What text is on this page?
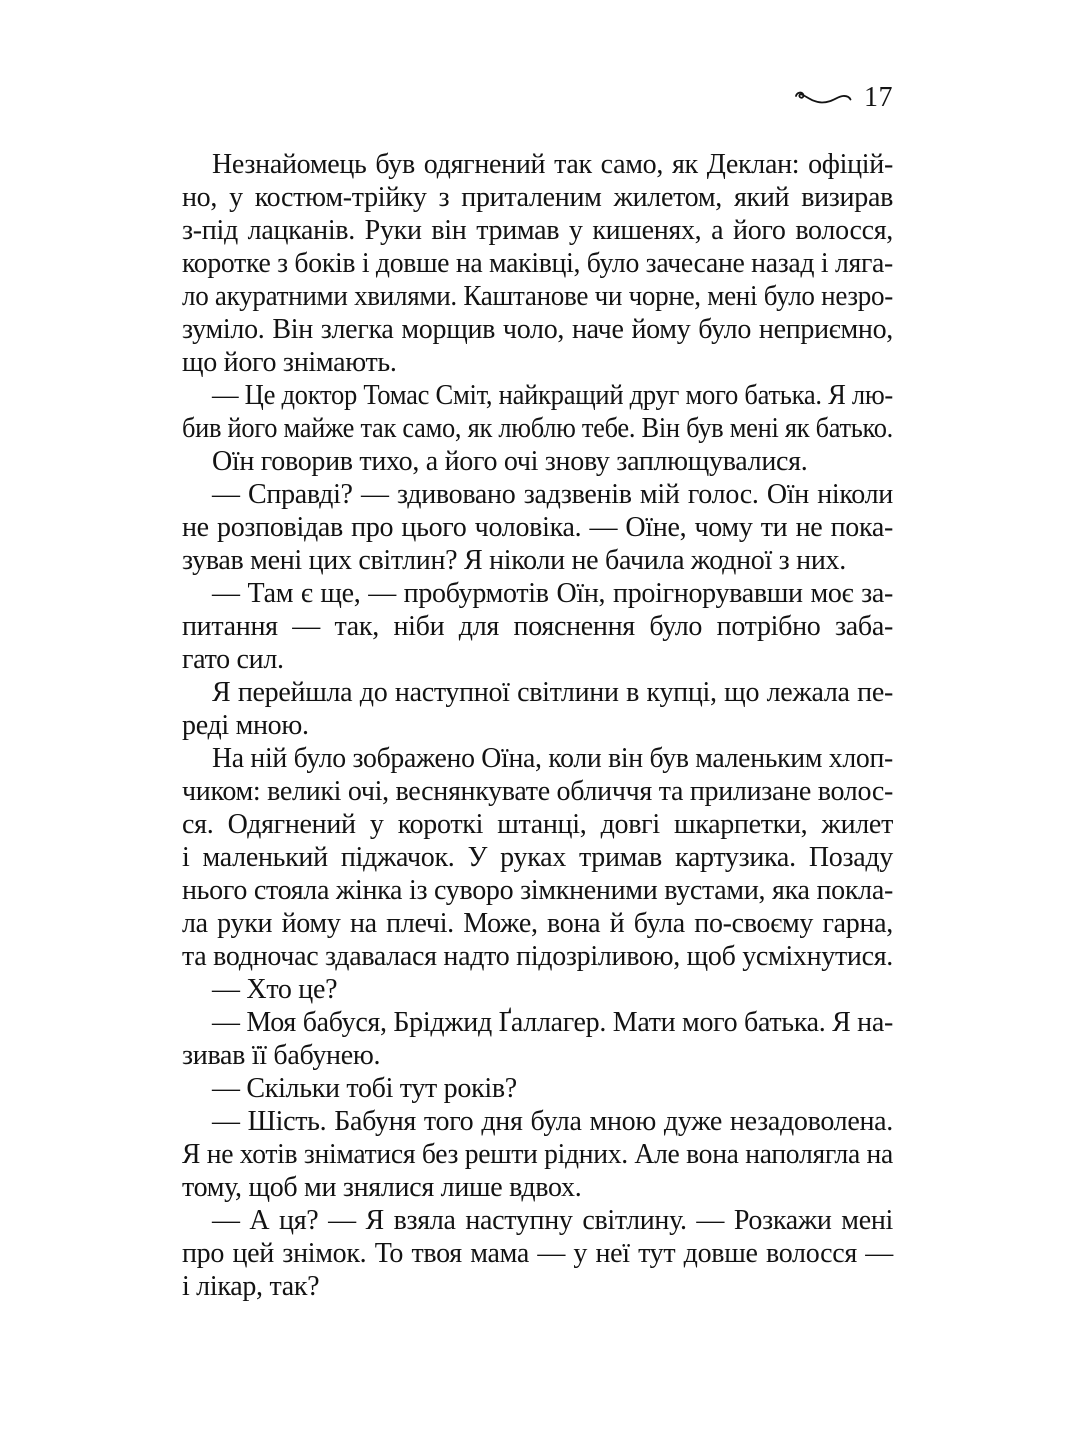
17
Незнайомець був одягнений так само, як Деклан: офіцій-
но, у костюм-трійку з приталеним жилетом, який визирав
з-під лацканів. Руки він тримав у кишенях, а його волосся,
коротке з боків і довше на маківці, було зачесане назад і ляга-
ло акуратними хвилями. Каштанове чи чорне, мені було незро-
зуміло. Він злегка морщив чоло, наче йому було неприємно,
що його знімають.
— Це доктор Томас Сміт, найкращий друг мого батька. Я лю-
бив його майже так само, як люблю тебе. Він був мені як батько.
Оїн говорив тихо, а його очі знову заплющувалися.
— Справді? — здивовано задзвенів мій голос. Оїн ніколи
не розповідав про цього чоловіка. — Оїне, чому ти не пока-
зував мені цих світлин? Я ніколи не бачила жодної з них.
— Там є ще, — пробурмотів Оїн, проігнорувавши моє за-
питання — так, ніби для пояснення було потрібно заба-
гато сил.
Я перейшла до наступної світлини в купці, що лежала пе-
реді мною.
На ній було зображено Оїна, коли він був маленьким хлоп-
чиком: великі очі, веснянкувате обличчя та прилизане волос-
ся. Одягнений у короткі штанці, довгі шкарпетки, жилет
і маленький піджачок. У руках тримав картузика. Позаду
нього стояла жінка із суворо зімкненими вустами, яка покла-
ла руки йому на плечі. Може, вона й була по-своєму гарна,
та водночас здавалася надто підозріливою, щоб усміхнутися.
— Хто це?
— Моя бабуся, Бріджид Ґаллагер. Мати мого батька. Я на-
зивав її бабунею.
— Скільки тобі тут років?
— Шість. Бабуня того дня була мною дуже незадоволена.
Я не хотів зніматися без решти рідних. Але вона наполягла на
тому, щоб ми знялися лише вдвох.
— А ця? — Я взяла наступну світлину. — Розкажи мені
про цей знімок. То твоя мама — у неї тут довше волосся —
і лікар, так?
